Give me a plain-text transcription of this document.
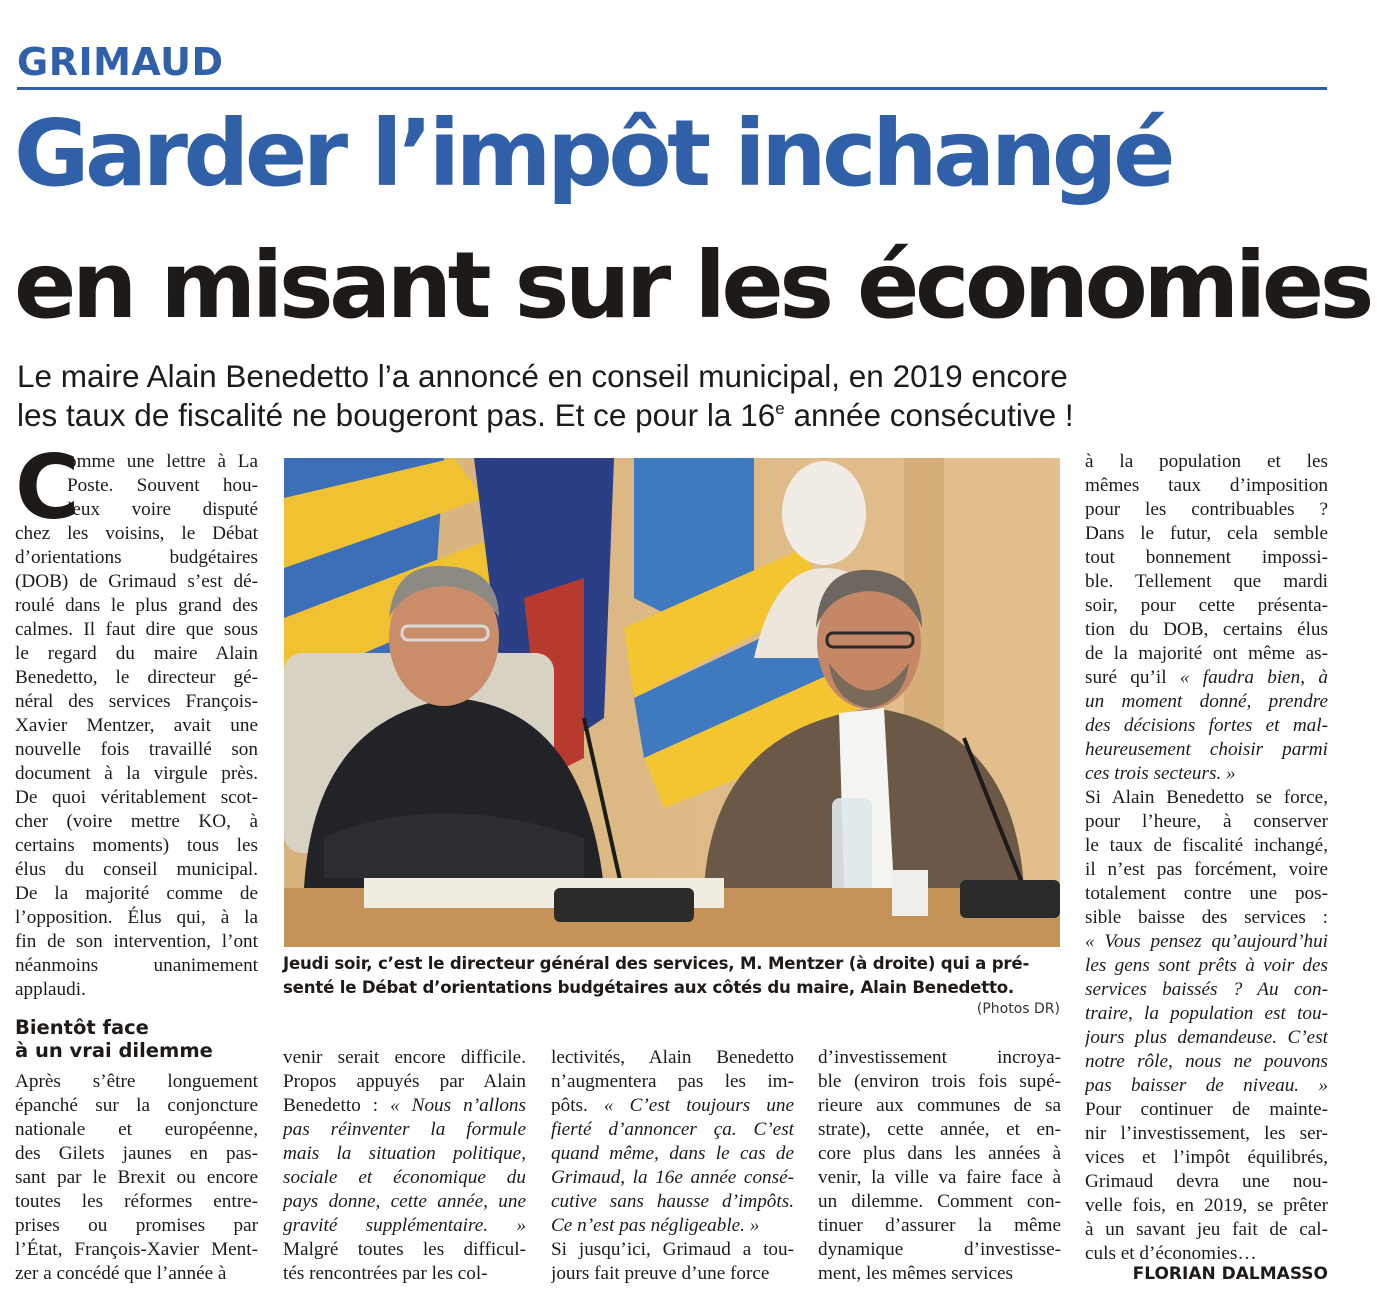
GRIMAUD
Garder l’impôt inchangé
en misant sur les économies

Le maire Alain Benedetto l’a annoncé en conseil municipal, en 2019 encore

les taux de fiscalité ne bougeront pas. Et ce pour la 16e année consécutive !

C
omme une lettre à La
Poste. Souvent hou-
leux voire disputé
chez les voisins, le Débat
d’orientations budgétaires
(DOB) de Grimaud s’est dé-
roulé dans le plus grand des
calmes. Il faut dire que sous
le regard du maire Alain
Benedetto, le directeur gé-
néral des services François-
Xavier Mentzer, avait une
nouvelle fois travaillé son
document à la virgule près.
De quoi véritablement scot-
cher (voire mettre KO, à
certains moments) tous les
élus du conseil municipal.
De la majorité comme de
l’opposition. Élus qui, à la
fin de son intervention, l’ont
néanmoins unanimement
applaudi.

Bientôt face

à un vrai dilemme

Après s’être longuement
épanché sur la conjoncture
nationale et européenne,
des Gilets jaunes en pas-
sant par le Brexit ou encore
toutes les réformes entre-
prises ou promises par
l’État, François-Xavier Ment-
zer a concédé que l’année à

Jeudi soir, c’est le directeur général des services, M. Mentzer (à droite) qui a pré-

senté le Débat d’orientations budgétaires aux côtés du maire, Alain Benedetto.

(Photos DR)
venir serait encore difficile.
Propos appuyés par Alain
Benedetto : « Nous n’allons
pas réinventer la formule
mais la situation politique,
sociale et économique du
pays donne, cette année, une
gravité supplémentaire. »
Malgré toutes les difficul-
tés rencontrées par les col-
lectivités, Alain Benedetto
n’augmentera pas les im-
pôts. « C’est toujours une
fierté d’annoncer ça. C’est
quand même, dans le cas de
Grimaud, la 16e année consé-
cutive sans hausse d’impôts.
Ce n’est pas négligeable. »
Si jusqu’ici, Grimaud a tou-
jours fait preuve d’une force
d’investissement incroya-
ble (environ trois fois supé-
rieure aux communes de sa
strate), cette année, et en-
core plus dans les années à
venir, la ville va faire face à
un dilemme. Comment con-
tinuer d’assurer la même
dynamique d’investisse-
ment, les mêmes services
à la population et les
mêmes taux d’imposition
pour les contribuables ?
Dans le futur, cela semble
tout bonnement impossi-
ble. Tellement que mardi
soir, pour cette présenta-
tion du DOB, certains élus
de la majorité ont même as-
suré qu’il « faudra bien, à
un moment donné, prendre
des décisions fortes et mal-
heureusement choisir parmi
ces trois secteurs. »
Si Alain Benedetto se force,
pour l’heure, à conserver
le taux de fiscalité inchangé,
il n’est pas forcément, voire
totalement contre une pos-
sible baisse des services :
« Vous pensez qu’aujourd’hui
les gens sont prêts à voir des
services baissés ? Au con-
traire, la population est tou-
jours plus demandeuse. C’est
notre rôle, nous ne pouvons
pas baisser de niveau. »
Pour continuer de mainte-
nir l’investissement, les ser-
vices et l’impôt équilibrés,
Grimaud devra une nou-
velle fois, en 2019, se prêter
à un savant jeu fait de cal-
culs et d’économies…
FLORIAN DALMASSO
